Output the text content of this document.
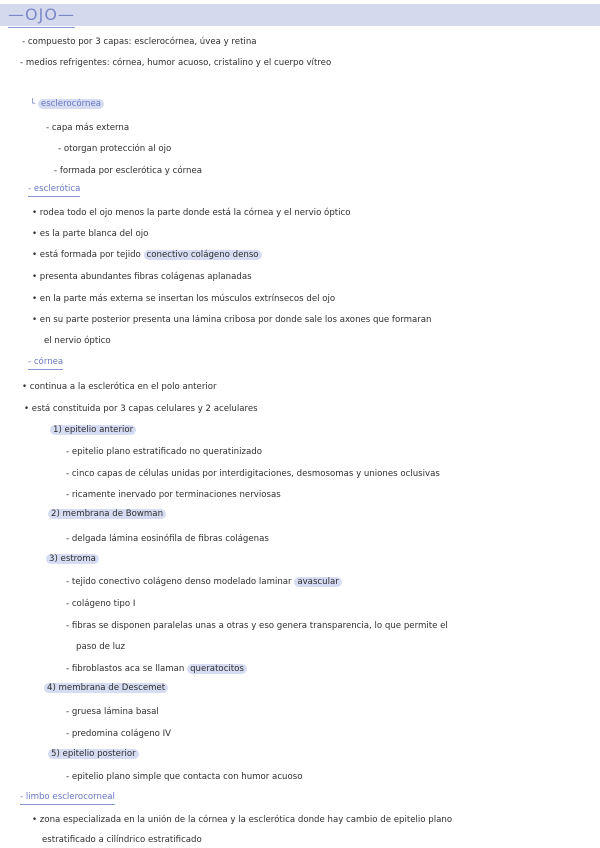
—OJO—
- compuesto por 3 capas: esclerocórnea, úvea y retina
- medios refrigentes: córnea, humor acuoso, cristalino y el cuerpo vítreo
└ esclerocórnea
- capa más externa
- otorgan protección al ojo
- formada por esclerótica y córnea
- esclerótica
• rodea todo el ojo menos la parte donde está la córnea y el nervio óptico
• es la parte blanca del ojo
• está formada por tejido conectivo colágeno denso
• presenta abundantes fibras colágenas aplanadas
• en la parte más externa se insertan los músculos extrínsecos del ojo
• en su parte posterior presenta una lámina cribosa por donde sale los axones que formaran
el nervio óptico
- córnea
• continua a la esclerótica en el polo anterior
• está constituida por 3 capas celulares y 2 acelulares
1) epitelio anterior
- epitelio plano estratificado no queratinizado
- cinco capas de células unidas por interdigitaciones, desmosomas y uniones oclusivas
- ricamente inervado por terminaciones nerviosas
2) membrana de Bowman
- delgada lámina eosinófila de fibras colágenas
3) estroma
- tejido conectivo colágeno denso modelado laminar avascular
- colágeno tipo I
- fibras se disponen paralelas unas a otras y eso genera transparencia, lo que permite el
paso de luz
- fibroblastos aca se llaman queratocitos
4) membrana de Descemet
- gruesa lámina basal
- predomina colágeno IV
5) epitelio posterior
- epitelio plano simple que contacta con humor acuoso
- limbo esclerocorneal
• zona especializada en la unión de la córnea y la esclerótica donde hay cambio de epitelio plano
estratificado a cilíndrico estratificado
